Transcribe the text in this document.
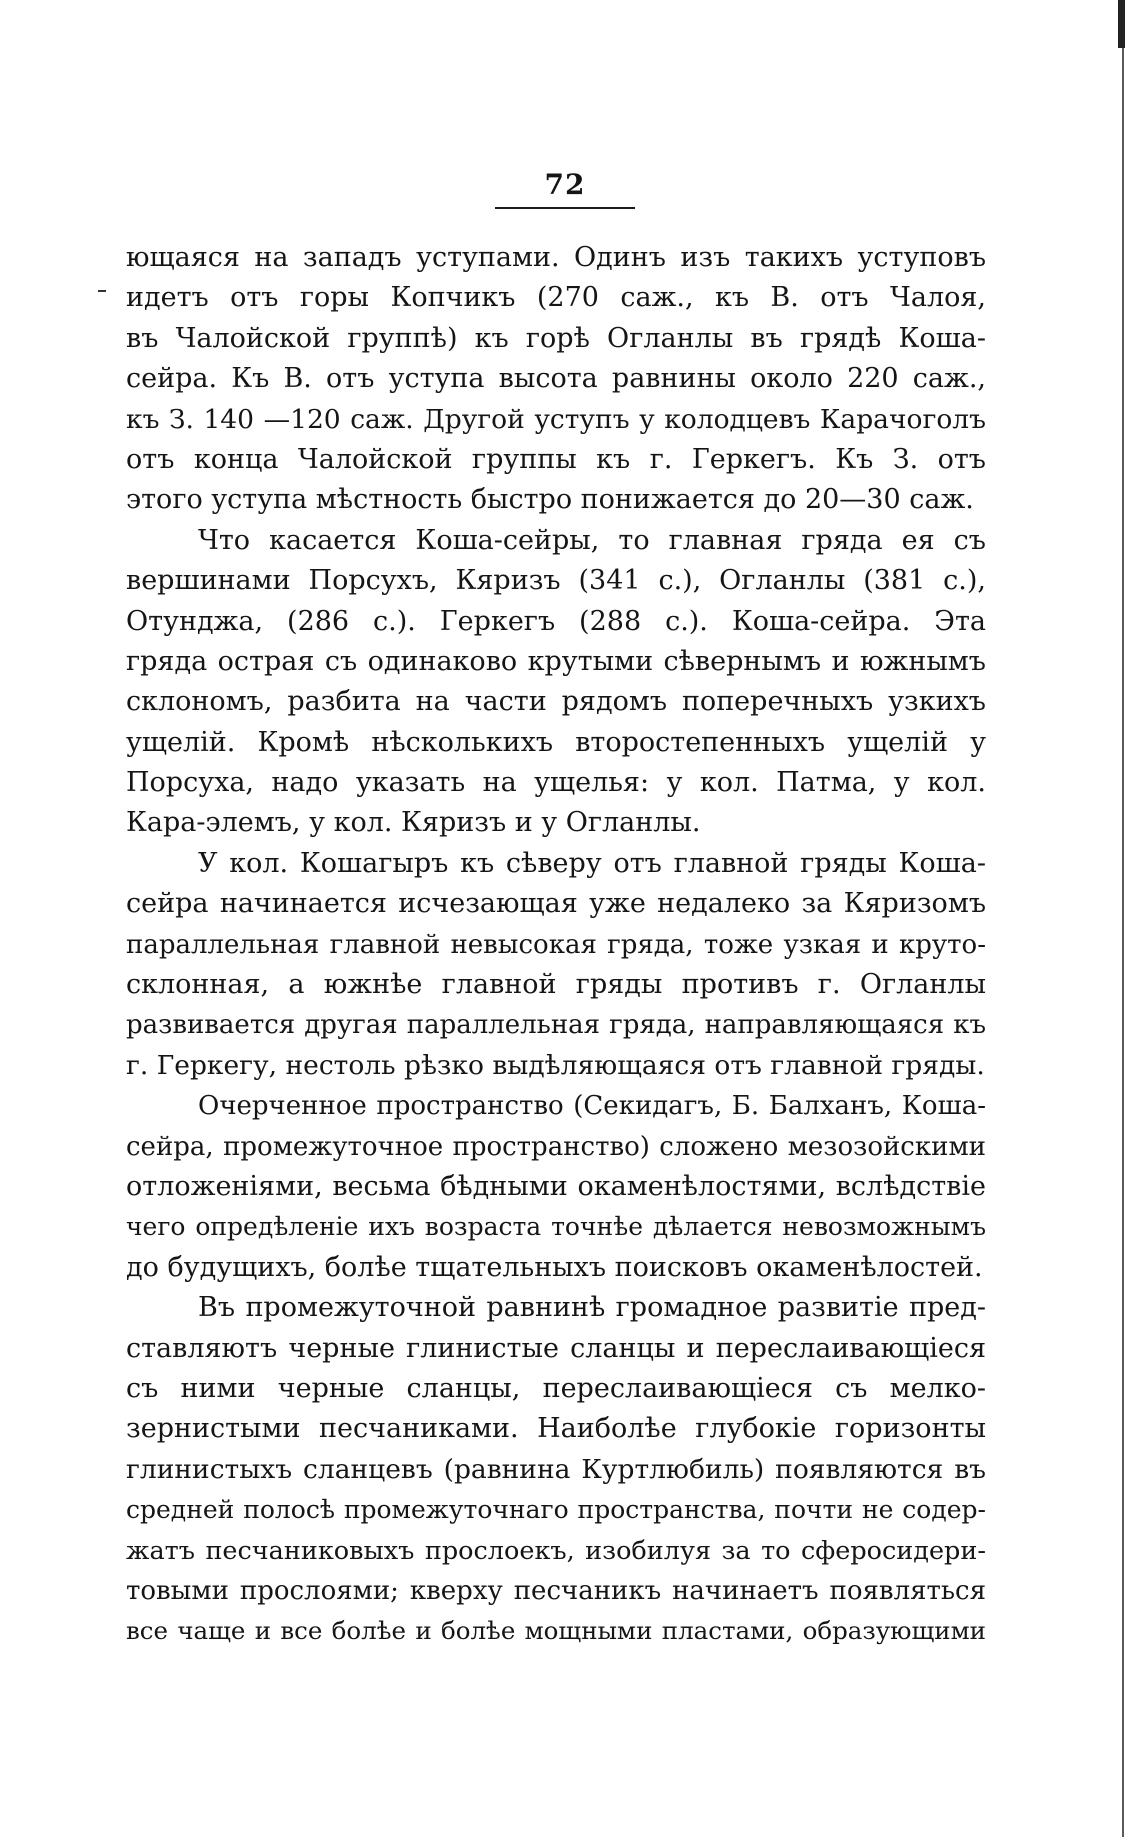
72
ющаяся на западъ уступами. Одинъ изъ такихъ уступовъ
идетъ отъ горы Копчикъ (270 саж., къ В. отъ Чалоя,
въ Чалойской группѣ) къ горѣ Огланлы въ грядѣ Коша-
сейра. Къ В. отъ уступа высота равнины около 220 саж.,
къ З. 140 —120 саж. Другой уступъ у колодцевъ Карачоголъ
отъ конца Чалойской группы къ г. Геркегъ. Къ З. отъ
этого уступа мѣстность быстро понижается до 20—30 саж.
Что касается Коша-сейры, то главная гряда ея съ
вершинами Порсухъ, Кяризъ (341 с.), Огланлы (381 с.),
Отунджа, (286 с.). Геркегъ (288 с.). Коша-сейра. Эта
гряда острая съ одинаково крутыми сѣвернымъ и южнымъ
склономъ, разбита на части рядомъ поперечныхъ узкихъ
ущелій. Кромѣ нѣсколькихъ второстепенныхъ ущелій у
Порсуха, надо указать на ущелья: у кол. Патма, у кол.
Кара-элемъ, у кол. Кяризъ и у Огланлы.
У кол. Кошагыръ къ сѣверу отъ главной гряды Коша-
сейра начинается исчезающая уже недалеко за Кяризомъ
параллельная главной невысокая гряда, тоже узкая и круто-
склонная, а южнѣе главной гряды противъ г. Огланлы
развивается другая параллельная гряда, направляющаяся къ
г. Геркегу, нестоль рѣзко выдѣляющаяся отъ главной гряды.
Очерченное пространство (Секидагъ, Б. Балханъ, Коша-
сейра, промежуточное пространство) сложено мезозойскими
отложеніями, весьма бѣдными окаменѣлостями, вслѣдствіе
чего опредѣленіе ихъ возраста точнѣе дѣлается невозможнымъ
до будущихъ, болѣе тщательныхъ поисковъ окаменѣлостей.
Въ промежуточной равнинѣ громадное развитіе пред-
ставляютъ черные глинистые сланцы и переслаивающіеся
съ ними черные сланцы, переслаивающіеся съ мелко-
зернистыми песчаниками. Наиболѣе глубокіе горизонты
глинистыхъ сланцевъ (равнина Куртлюбиль) появляются въ
средней полосѣ промежуточнаго пространства, почти не содер-
жатъ песчаниковыхъ прослоекъ, изобилуя за то сферосидери-
товыми прослоями; кверху песчаникъ начинаетъ появляться
все чаще и все болѣе и болѣе мощными пластами, образующими
